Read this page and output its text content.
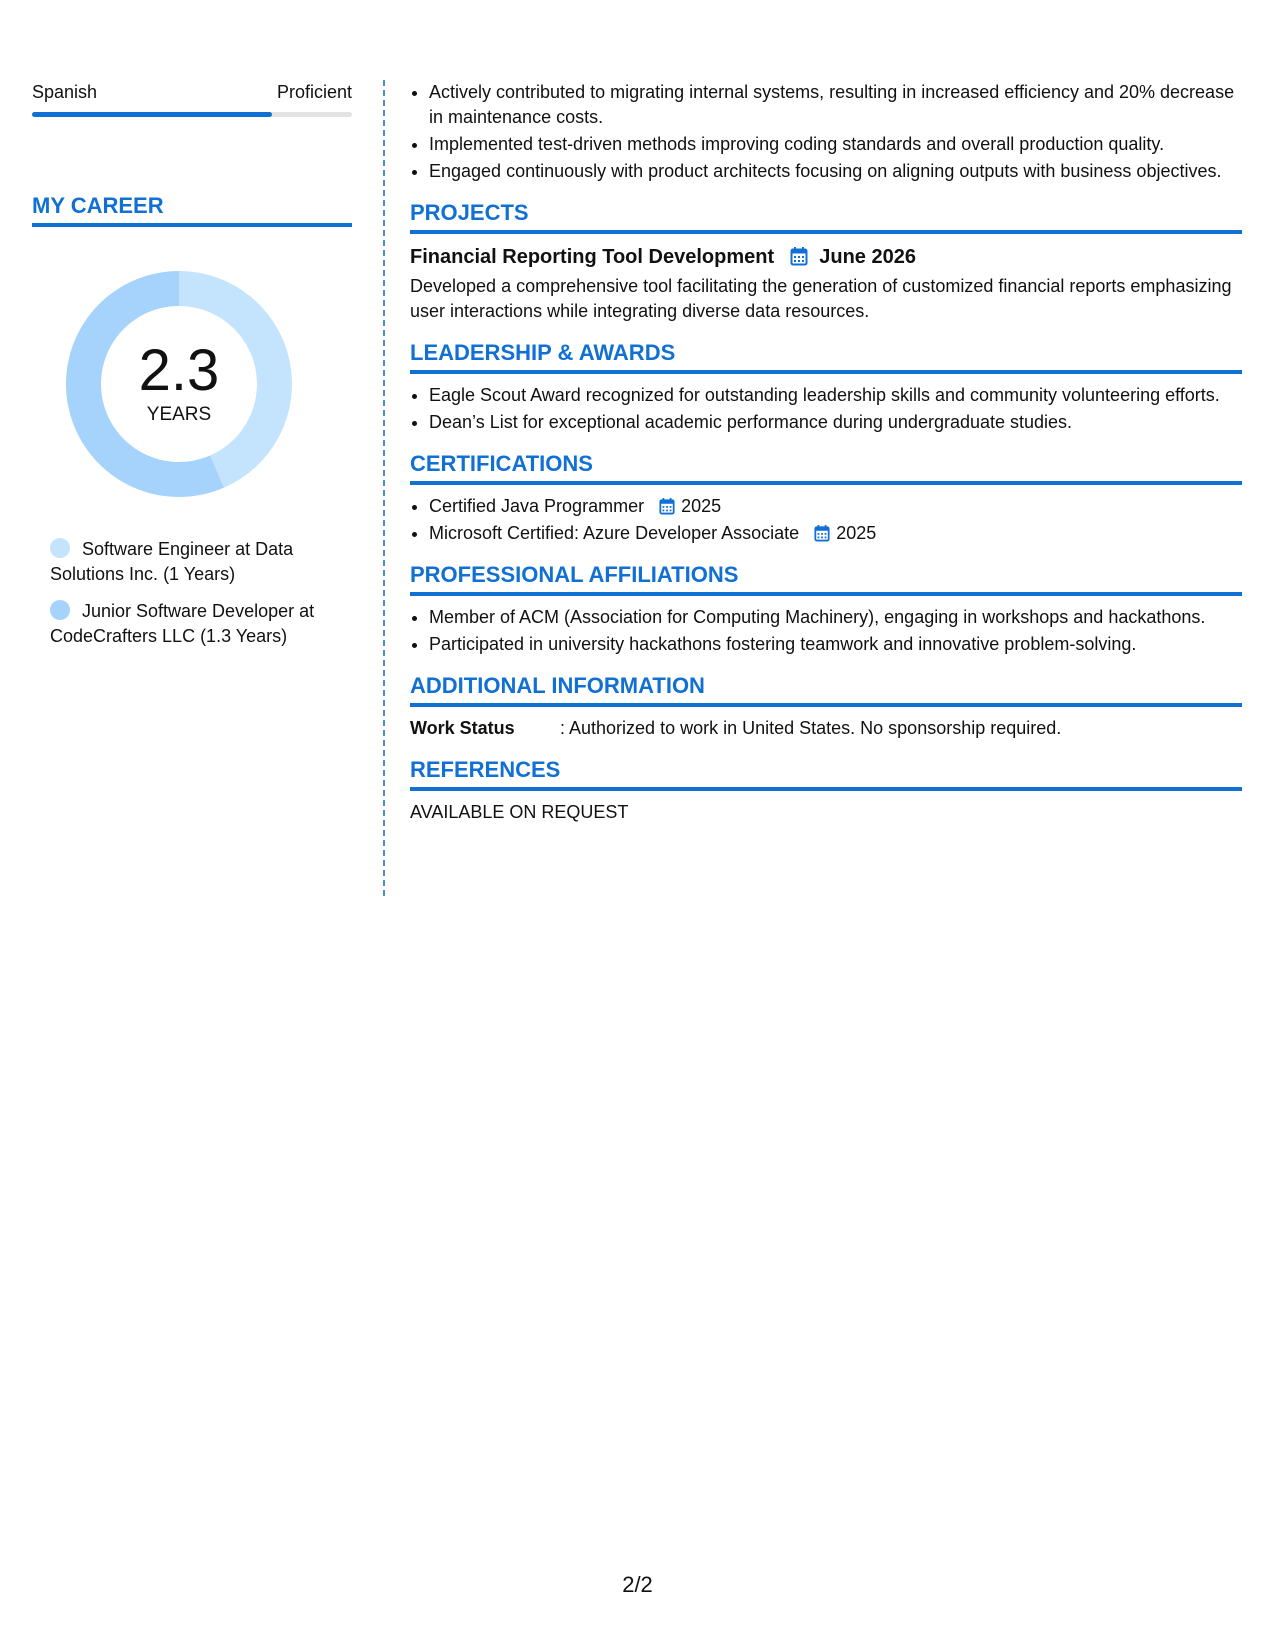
Spanish	Proficient
MY CAREER
2.3
YEARS
Software Engineer at Data Solutions Inc. (1 Years)
Junior Software Developer at CodeCrafters LLC (1.3 Years)
• Actively contributed to migrating internal systems, resulting in increased efficiency and 20% decrease in maintenance costs.
• Implemented test-driven methods improving coding standards and overall production quality.
• Engaged continuously with product architects focusing on aligning outputs with business objectives.
PROJECTS
Financial Reporting Tool Development June 2026
Developed a comprehensive tool facilitating the generation of customized financial reports emphasizing user interactions while integrating diverse data resources.
LEADERSHIP & AWARDS
• Eagle Scout Award recognized for outstanding leadership skills and community volunteering efforts.
• Dean’s List for exceptional academic performance during undergraduate studies.
CERTIFICATIONS
• Certified Java Programmer 2025
• Microsoft Certified: Azure Developer Associate 2025
PROFESSIONAL AFFILIATIONS
• Member of ACM (Association for Computing Machinery), engaging in workshops and hackathons.
• Participated in university hackathons fostering teamwork and innovative problem-solving.
ADDITIONAL INFORMATION
Work Status	: Authorized to work in United States. No sponsorship required.
REFERENCES
AVAILABLE ON REQUEST
2/2
